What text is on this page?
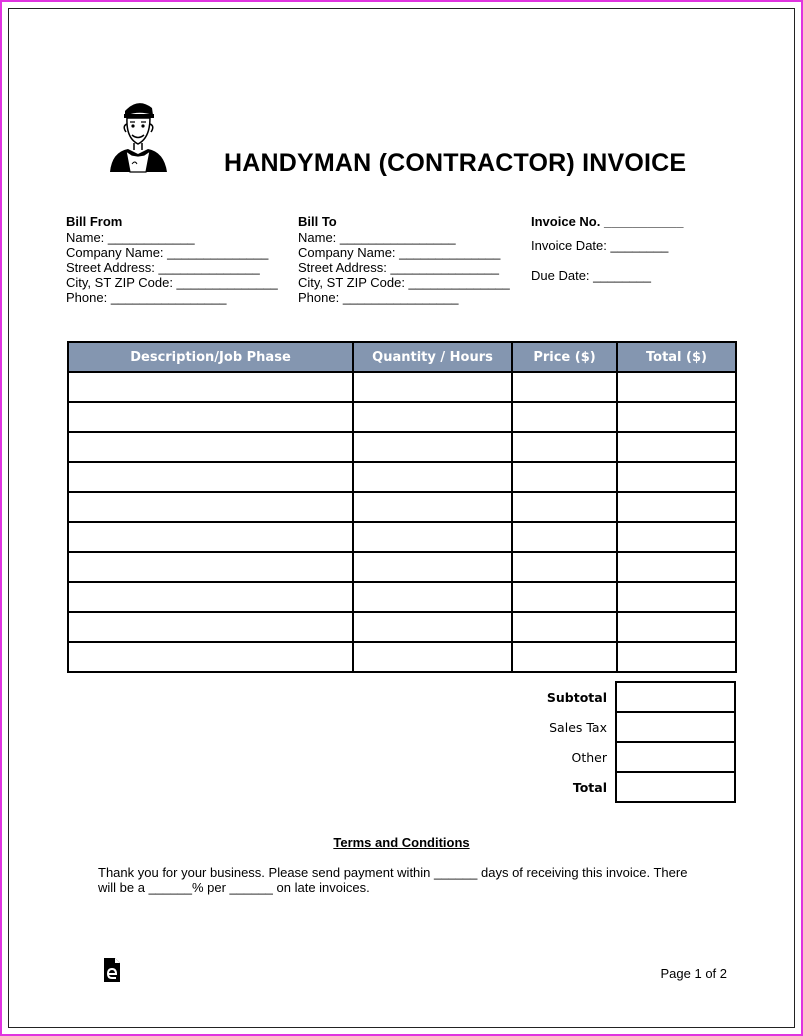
HANDYMAN (CONTRACTOR) INVOICE
Bill From
Name: ____________
Company Name: ______________
Street Address: ______________
City, ST ZIP Code: ______________
Phone: ________________
Bill To
Name: ________________
Company Name: ______________
Street Address: _______________
City, ST ZIP Code: ______________
Phone: ________________
Invoice No. ___________
Invoice Date: ________
Due Date: ________
Description/Job Phase	Quantity / Hours	Price ($)	Total ($)

Subtotal	
Sales Tax	
Other	
Total	
Terms and Conditions
Thank you for your business. Please send payment within ______ days of receiving this invoice. There will be a ______% per ______ on late invoices.
Page 1 of 2
